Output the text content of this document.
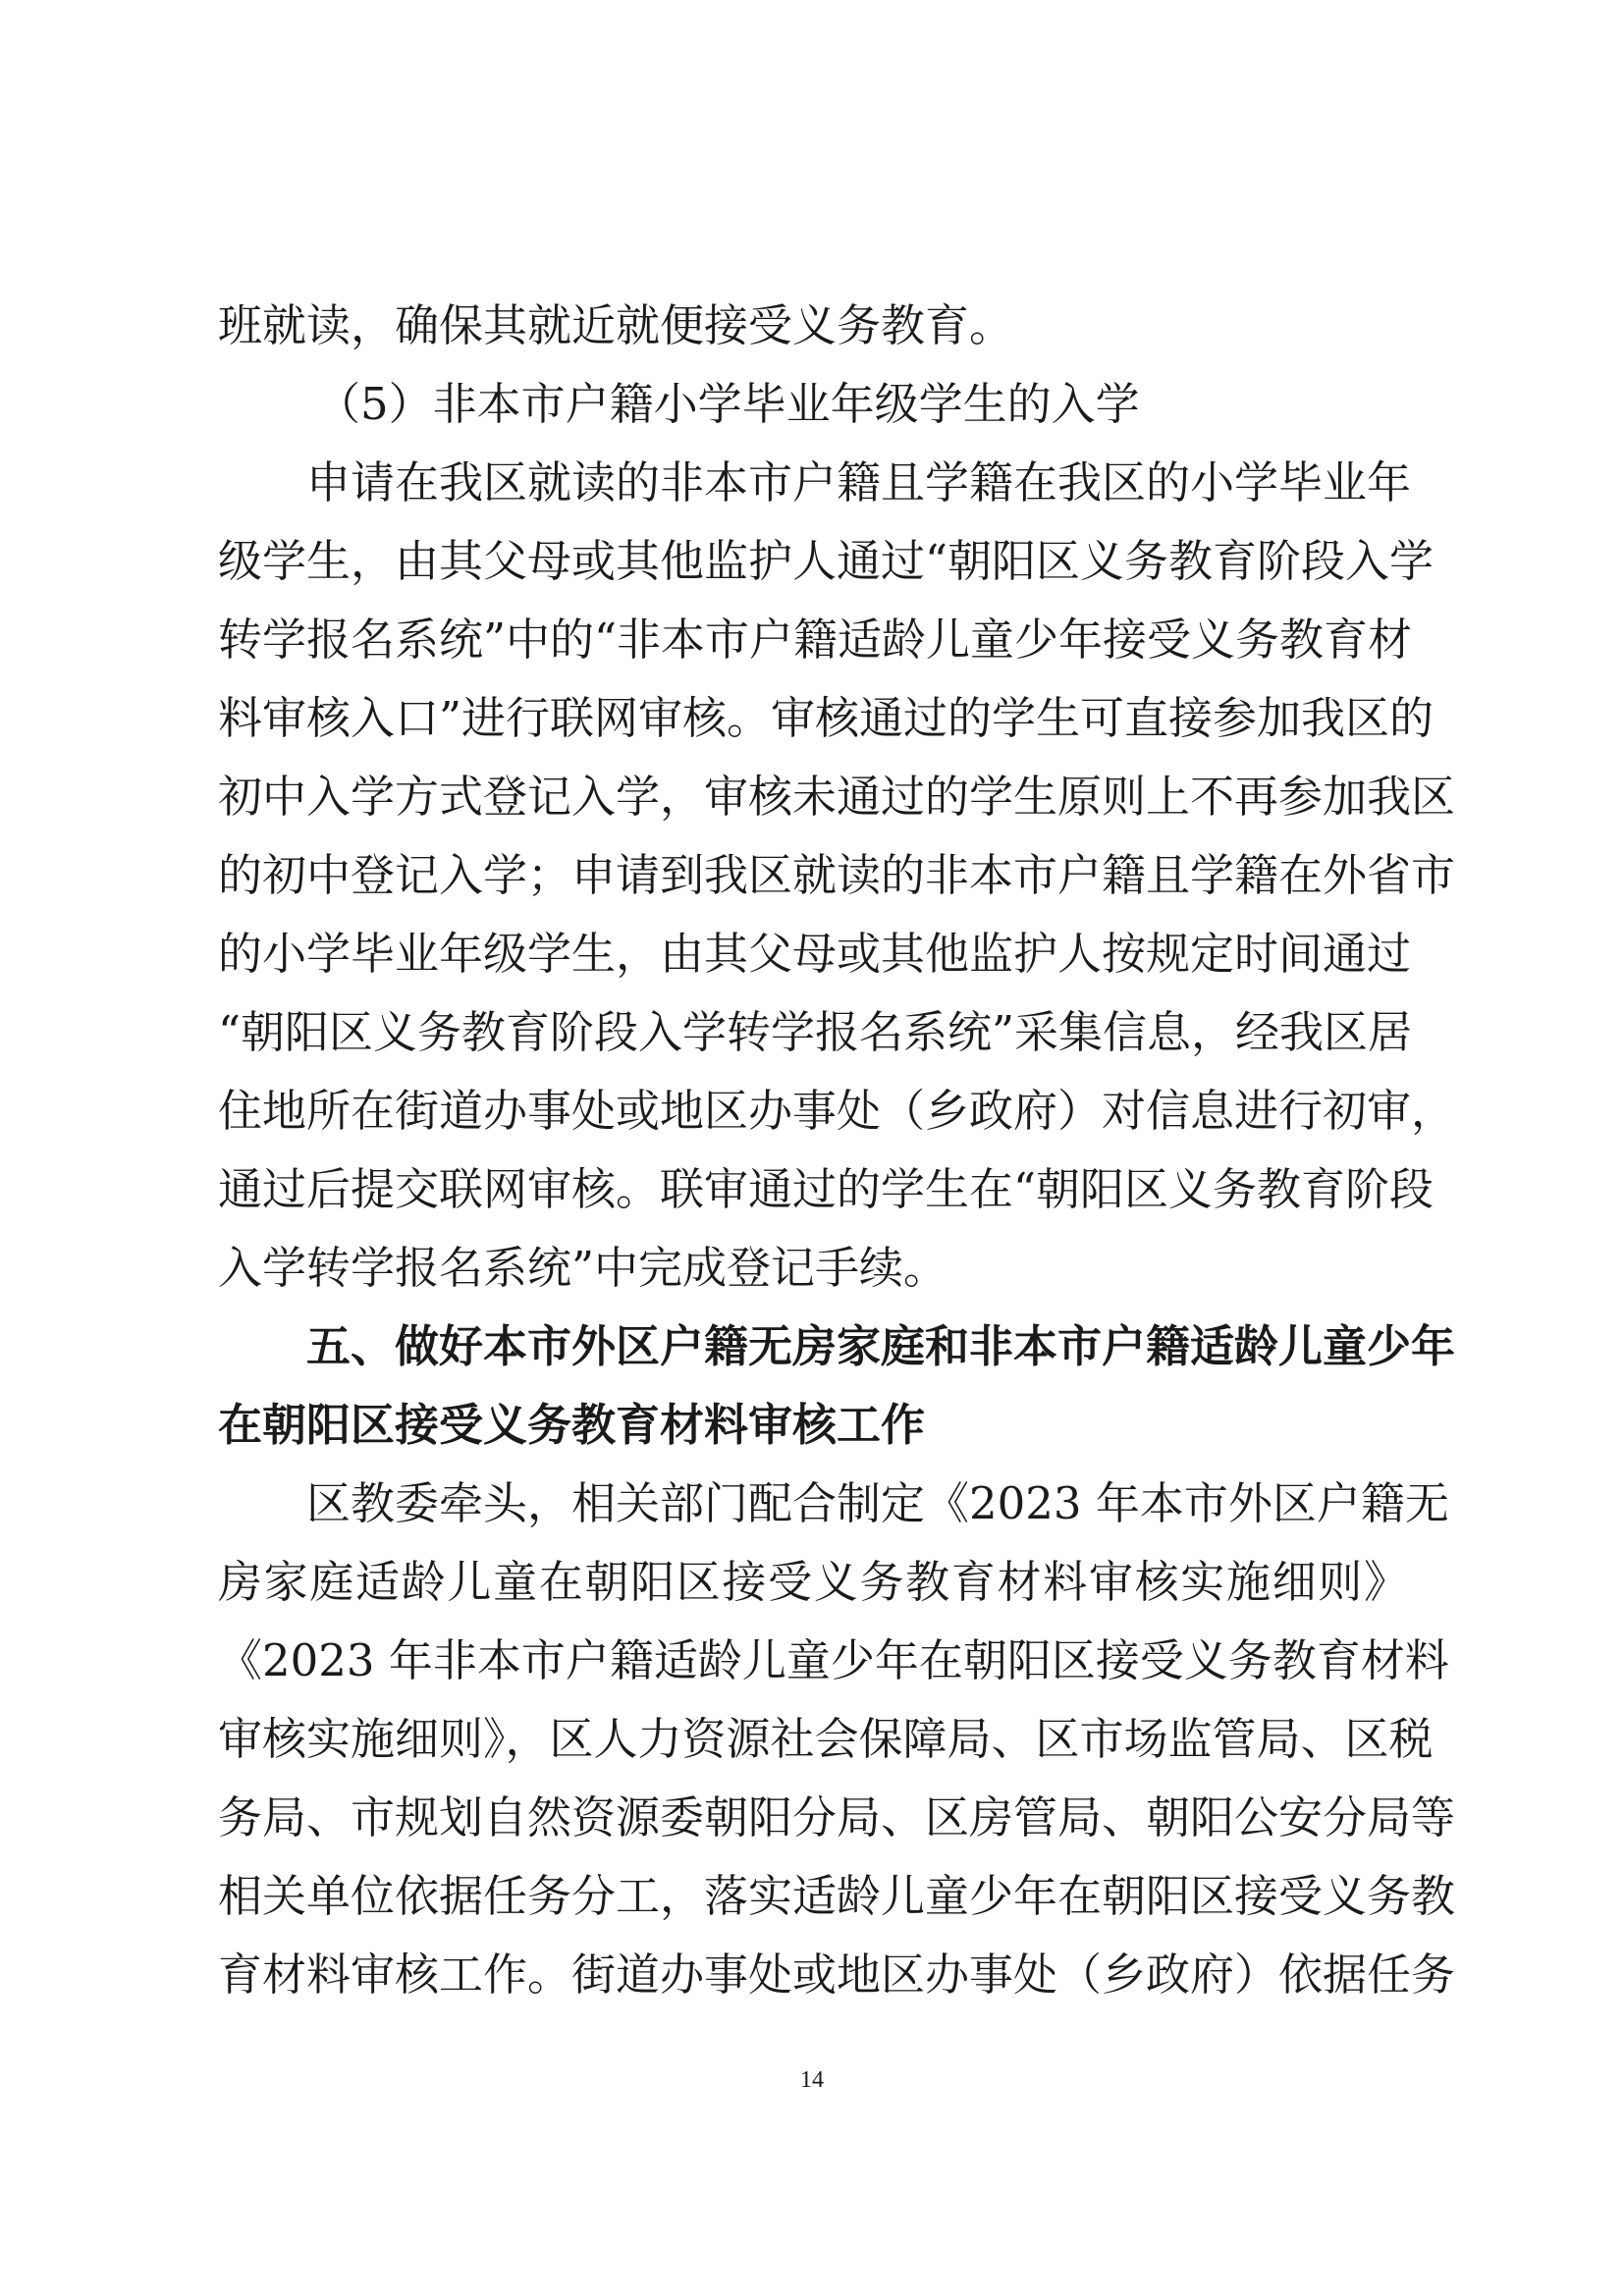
班就读，确保其就近就便接受义务教育。
（5）非本市户籍小学毕业年级学生的入学
申请在我区就读的非本市户籍且学籍在我区的小学毕业年
级学生，由其父母或其他监护人通过“朝阳区义务教育阶段入学
转学报名系统”中的“非本市户籍适龄儿童少年接受义务教育材
料审核入口”进行联网审核。审核通过的学生可直接参加我区的
初中入学方式登记入学，审核未通过的学生原则上不再参加我区
的初中登记入学；申请到我区就读的非本市户籍且学籍在外省市
的小学毕业年级学生，由其父母或其他监护人按规定时间通过
“朝阳区义务教育阶段入学转学报名系统”采集信息，经我区居
住地所在街道办事处或地区办事处（乡政府）对信息进行初审，
通过后提交联网审核。联审通过的学生在“朝阳区义务教育阶段
入学转学报名系统”中完成登记手续。
五、做好本市外区户籍无房家庭和非本市户籍适龄儿童少年
在朝阳区接受义务教育材料审核工作
区教委牵头，相关部门配合制定《2023 年本市外区户籍无
房家庭适龄儿童在朝阳区接受义务教育材料审核实施细则》
《2023 年非本市户籍适龄儿童少年在朝阳区接受义务教育材料
审核实施细则》，区人力资源社会保障局、区市场监管局、区税
务局、市规划自然资源委朝阳分局、区房管局、朝阳公安分局等
相关单位依据任务分工，落实适龄儿童少年在朝阳区接受义务教
育材料审核工作。街道办事处或地区办事处（乡政府）依据任务
14
